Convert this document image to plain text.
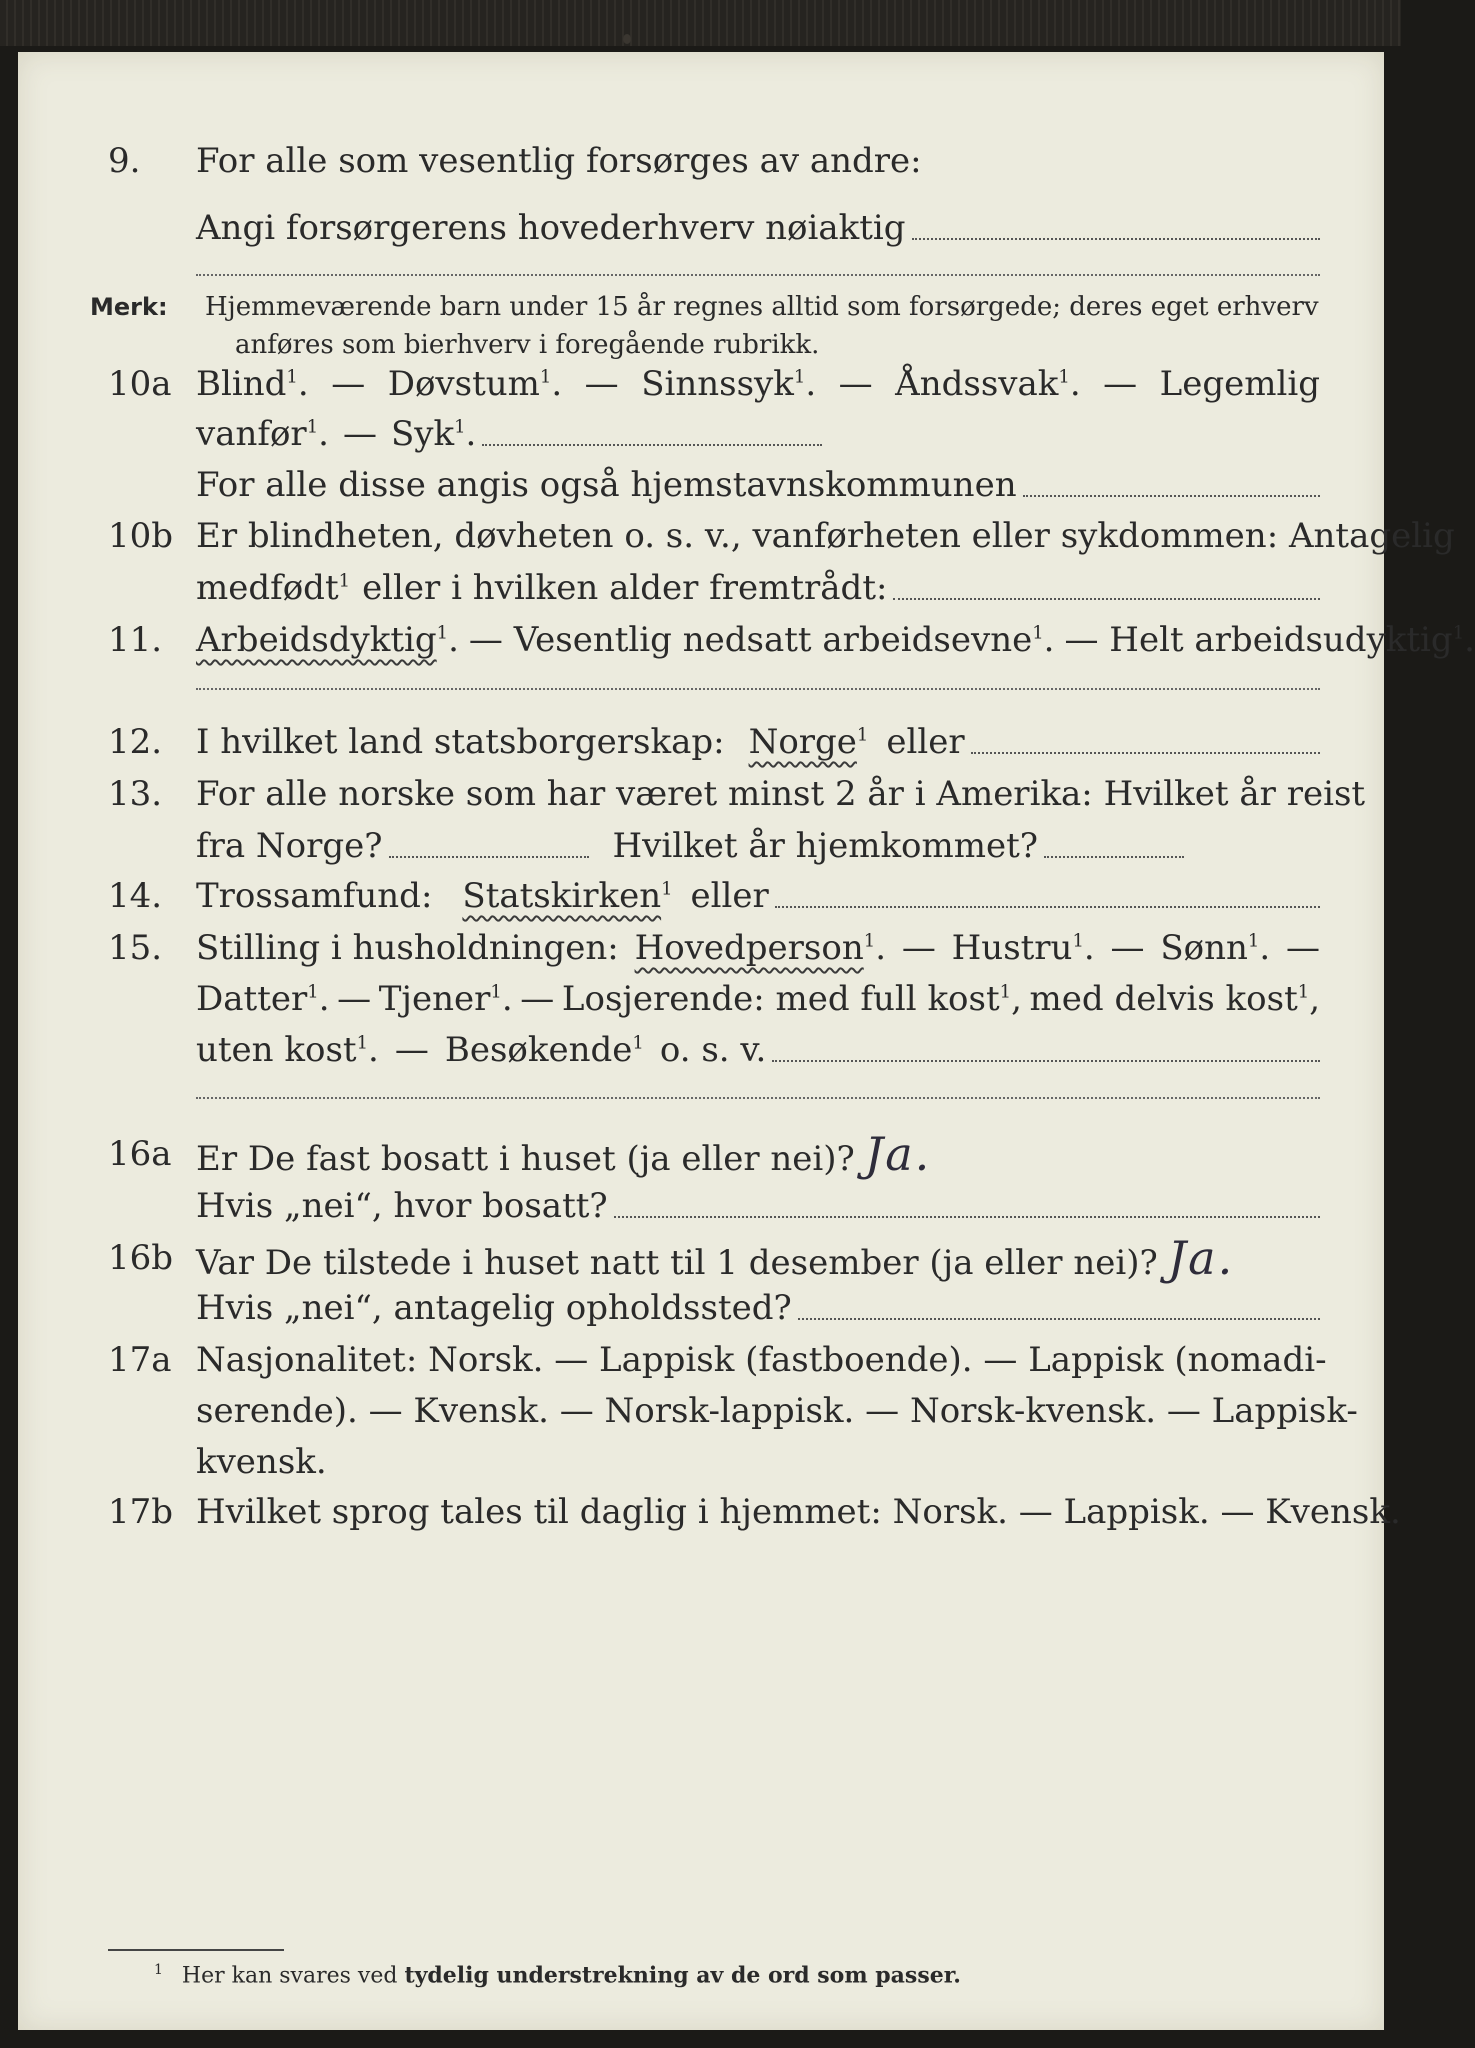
9.	For alle som vesentlig forsørges av andre:
Angi forsørgerens hovederhverv nøiaktig
Merk: Hjemmeværende barn under 15 år regnes alltid som forsørgede; deres eget erhverv
anføres som bierhverv i foregående rubrikk.
10a Blind$^1$. — Døvstum$^1$. — Sinnssyk$^1$. — Åndssvak$^1$. — Legemlig
vanfør$^1$. — Syk$^1$.
For alle disse angis også hjemstavnskommunen
10b Er blindheten, døvheten o. s. v., vanførheten eller sykdommen: Antagelig
medfødt$^1$ eller i hvilken alder fremtrådt:
11. Arbeidsdyktig$^1$. — Vesentlig nedsatt arbeidsevne$^1$. — Helt arbeidsudyktig$^1$.
12. I hvilket land statsborgerskap: Norge$^1$ eller
13. For alle norske som har været minst 2 år i Amerika: Hvilket år reist
fra Norge?	Hvilket år hjemkommet?
14. Trossamfund: Statskirken$^1$ eller
15. Stilling i husholdningen: Hovedperson$^1$. — Hustru$^1$. — Sønn$^1$. —
Datter$^1$. — Tjener$^1$. — Losjerende: med full kost$^1$, med delvis kost$^1$,
uten kost$^1$. — Besøkende$^1$ o. s. v.
16a Er De fast bosatt i huset (ja eller nei)? Ja.
Hvis „nei“, hvor bosatt?
16b Var De tilstede i huset natt til 1 desember (ja eller nei)? Ja.
Hvis „nei“, antagelig opholdssted?
17a Nasjonalitet: Norsk. — Lappisk (fastboende). — Lappisk (nomadi-
serende). — Kvensk. — Norsk-lappisk. — Norsk-kvensk. — Lappisk-
kvensk.
17b Hvilket sprog tales til daglig i hjemmet: Norsk. — Lappisk. — Kvensk.
$^1$ Her kan svares ved tydelig understrekning av de ord som passer.
